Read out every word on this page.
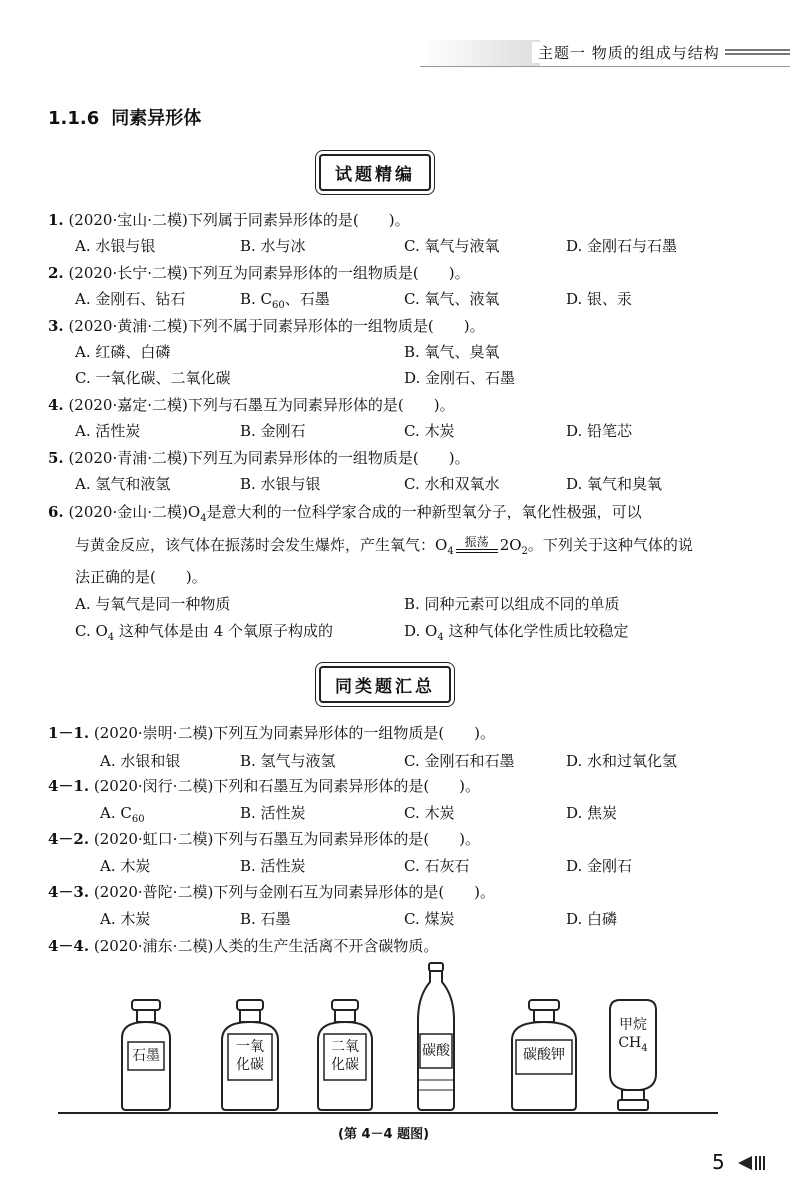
主题一 物质的组成与结构
1.1.6 同素异形体
试题精编
1. (2020·宝山·二模)下列属于同素异形体的是(　　)。
A. 水银与银	B. 水与冰	C. 氧气与液氧	D. 金刚石与石墨
2. (2020·长宁·二模)下列互为同素异形体的一组物质是(　　)。
A. 金刚石、钻石	B. $C_{60}$、石墨	C. 氧气、液氧	D. 银、汞
3. (2020·黄浦·二模)下列不属于同素异形体的一组物质是(　　)。
A. 红磷、白磷	B. 氧气、臭氧
C. 一氧化碳、二氧化碳	D. 金刚石、石墨
4. (2020·嘉定·二模)下列与石墨互为同素异形体的是(　　)。
A. 活性炭	B. 金刚石	C. 木炭	D. 铅笔芯
5. (2020·青浦·二模)下列互为同素异形体的一组物质是(　　)。
A. 氢气和液氢	B. 水银与银	C. 水和双氧水	D. 氧气和臭氧
6. (2020·金山·二模)$O_4$是意大利的一位科学家合成的一种新型氧分子，氧化性极强，可以
与黄金反应，该气体在振荡时会发生爆炸，产生氧气：$O_4$
振荡 $2O_2$。下列关于这种气体的说
法正确的是(　　)。
A. 与氧气是同一种物质	B. 同种元素可以组成不同的单质
C. $O_4$ 这种气体是由 4 个氧原子构成的	D. $O_4$ 这种气体化学性质比较稳定
同类题汇总
1－1. (2020·崇明·二模)下列互为同素异形体的一组物质是(　　)。
A. 水银和银	B. 氢气与液氢	C. 金刚石和石墨	D. 水和过氧化氢
4－1. (2020·闵行·二模)下列和石墨互为同素异形体的是(　　)。
A. $C_{60}$	B. 活性炭	C. 木炭	D. 焦炭
4－2. (2020·虹口·二模)下列与石墨互为同素异形体的是(　　)。
A. 木炭	B. 活性炭	C. 石灰石	D. 金刚石
4－3. (2020·普陀·二模)下列与金刚石互为同素异形体的是(　　)。
A. 木炭	B. 石墨	C. 煤炭	D. 白磷
4－4. (2020·浦东·二模)人类的生产生活离不开含碳物质。
石墨
一氧
化碳
二氧
化碳
碳酸	碳酸钾
甲烷
$CH_4$
(第 4－4 题图)
5
